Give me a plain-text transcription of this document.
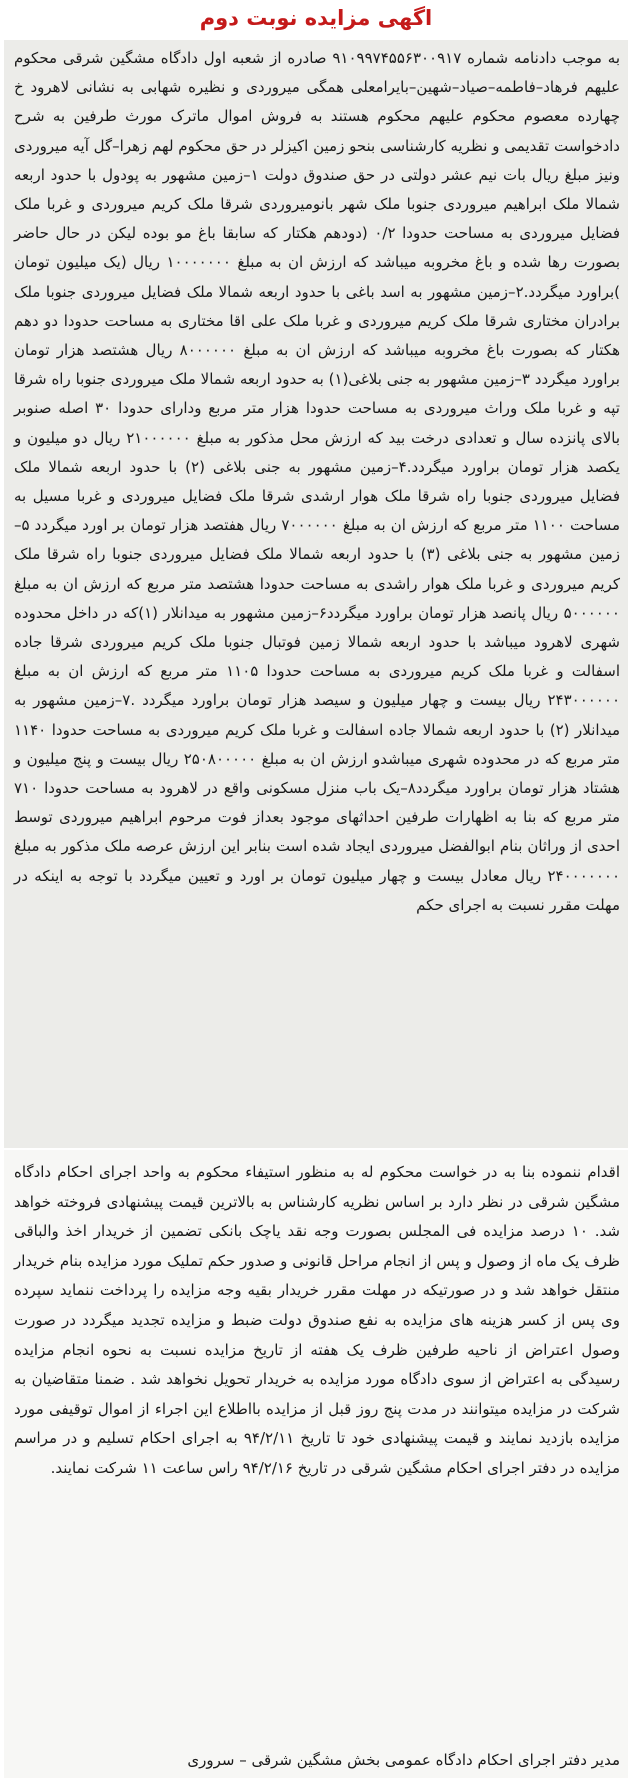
اگهی مزایده نوبت دوم

به موجب دادنامه شماره ۹۱۰۹۹۷۴۵۵۶۳۰۰۹۱۷ صادره از شعبه اول دادگاه مشگین شرقی محکوم علیهم فرهاد–فاطمه–صیاد–شهین–بایرامعلی همگی میروردی و نظیره شهابی به نشانی لاهرود خ چهارده معصوم محکوم علیهم محکوم هستند به فروش اموال ماترک مورث طرفین به شرح دادخواست تقدیمی و نظریه کارشناسی بنحو زمین اکیزلر در حق محکوم لهم زهرا–گل آیه میروردی ونیز مبلغ ریال بات نیم عشر دولتی در حق صندوق دولت ۱–زمین مشهور به پودول با حدود اربعه شمالا ملک ابراهیم میروردی جنوبا ملک شهر بانومیروردی شرقا ملک کریم میروردی و غربا ملک فضایل میروردی به مساحت حدودا ۰/۲ (دودهم هکتار که سابقا باغ مو بوده لیکن در حال حاضر بصورت رها شده و باغ مخروبه میباشد که ارزش ان به مبلغ ۱۰۰۰۰۰۰۰ ریال (یک میلیون تومان )براورد میگردد.۲–زمین مشهور به اسد باغی با حدود اربعه شمالا ملک فضایل میروردی جنوبا ملک برادران مختاری شرقا ملک کریم میروردی و غربا ملک علی اقا مختاری به مساحت حدودا دو دهم هکتار که بصورت باغ مخروبه میباشد که ارزش ان به مبلغ ۸۰۰۰۰۰۰ ریال هشتصد هزار تومان براورد میگردد ۳–زمین مشهور به جنی بلاغی(۱) به حدود اربعه شمالا ملک میروردی جنوبا راه شرقا تپه و غربا ملک وراث میروردی به مساحت حدودا هزار متر مربع ودارای حدودا ۳۰ اصله صنوبر بالای پانزده سال و تعدادی درخت بید که ارزش محل مذکور به مبلغ ۲۱۰۰۰۰۰۰ ریال دو میلیون و یکصد هزار تومان براورد میگردد.۴–زمین مشهور به جنی بلاغی (۲) با حدود اربعه شمالا ملک فضایل میروردی جنوبا راه شرقا ملک هوار ارشدی شرقا ملک فضایل میروردی و غربا مسیل به مساحت ۱۱۰۰ متر مربع که ارزش ان به مبلغ ۷۰۰۰۰۰۰ ریال هفتصد هزار تومان بر اورد میگردد ۵–زمین مشهور به جنی بلاغی (۳) با حدود اربعه شمالا ملک فضایل میروردی جنوبا راه شرقا ملک کریم میروردی و غربا ملک هوار راشدی به مساحت حدودا هشتصد متر مربع که ارزش ان به مبلغ ۵۰۰۰۰۰۰ ریال پانصد هزار تومان براورد میگردد۶–زمین مشهور به میدانلار (۱)که در داخل محدوده شهری لاهرود میباشد با حدود اربعه شمالا زمین فوتبال جنوبا ملک کریم میروردی شرقا جاده اسفالت و غربا ملک کریم میروردی به مساحت حدودا ۱۱۰۵ متر مربع که ارزش ان به مبلغ ۲۴۳۰۰۰۰۰۰ ریال بیست و چهار میلیون و سیصد هزار تومان براورد میگردد .۷–زمین مشهور به میدانلار (۲) با حدود اربعه شمالا جاده اسفالت و غربا ملک کریم میروردی به مساحت حدودا ۱۱۴۰ متر مربع که در محدوده شهری میباشدو ارزش ان به مبلغ ۲۵۰۸۰۰۰۰۰ ریال بیست و پنج میلیون و هشتاد هزار تومان براورد میگردد۸–یک باب منزل مسکونی واقع در لاهرود به مساحت حدودا ۷۱۰ متر مربع که بنا به اظهارات طرفین احداثهای موجود بعداز فوت مرحوم ابراهیم میروردی توسط احدی از وراثان بنام ابوالفضل میروردی ایجاد شده است بنابر این ارزش عرصه ملک مذکور به مبلغ ۲۴۰۰۰۰۰۰۰ ریال معادل بیست و چهار میلیون تومان بر اورد و تعیین میگردد با توجه به اینکه در مهلت مقرر نسبت به اجرای حکم

اقدام ننموده بنا به در خواست محکوم له به منظور استیفاء محکوم به واحد اجرای احکام دادگاه مشگین شرقی در نظر دارد بر اساس نظریه کارشناس به بالاترین قیمت پیشنهادی فروخته خواهد شد. ۱۰ درصد مزایده فی المجلس بصورت وجه نقد یاچک بانکی تضمین از خریدار اخذ والباقی ظرف یک ماه از وصول و پس از انجام مراحل قانونی و صدور حکم تملیک مورد مزایده بنام خریدار منتقل خواهد شد و در صورتیکه در مهلت مقرر خریدار بقیه وجه مزایده را پرداخت ننماید سپرده وی پس از کسر هزینه های مزایده به نفع صندوق دولت ضبط و مزایده تجدید میگردد در صورت وصول اعتراض از ناحیه طرفین ظرف یک هفته از تاریخ مزایده نسبت به نحوه انجام مزایده رسیدگی به اعتراض از سوی دادگاه مورد مزایده به خریدار تحویل نخواهد شد . ضمنا متقاضیان به شرکت در مزایده میتوانند در مدت پنج روز قبل از مزایده بااطلاع این اجراء از اموال توقیفی مورد مزایده بازدید نمایند و قیمت پیشنهادی خود تا تاریخ ۹۴/۲/۱۱ به اجرای احکام تسلیم و در مراسم مزایده در دفتر اجرای احکام مشگین شرقی در تاریخ ۹۴/۲/۱۶ راس ساعت ۱۱ شرکت نمایند.

مدیر دفتر اجرای احکام دادگاه عمومی بخش مشگین شرقی – سروری
